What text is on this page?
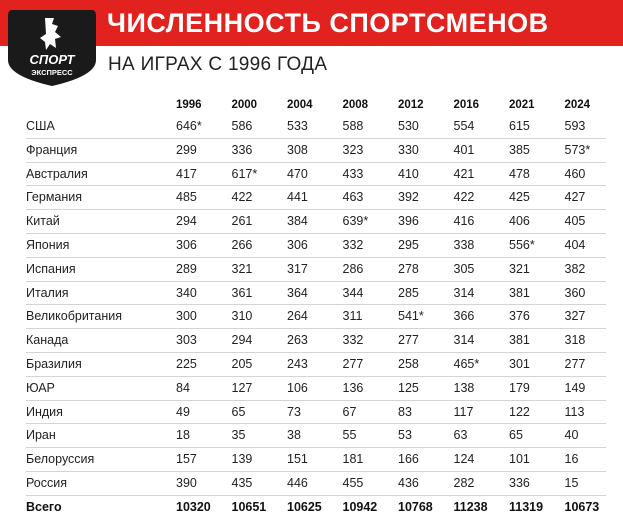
ЧИСЛЕННОСТЬ СПОРТСМЕНОВ
НА ИГРАХ С 1996 ГОДА
СПОРТ
ЭКСПРЕСС
1996	2000	2004	2008	2012	2016	2021	2024
США	646*	586	533	588	530	554	615	593
Франция	299	336	308	323	330	401	385	573*
Австралия	417	617*	470	433	410	421	478	460
Германия	485	422	441	463	392	422	425	427
Китай	294	261	384	639*	396	416	406	405
Япония	306	266	306	332	295	338	556*	404
Испания	289	321	317	286	278	305	321	382
Италия	340	361	364	344	285	314	381	360
Великобритания	300	310	264	311	541*	366	376	327
Канада	303	294	263	332	277	314	381	318
Бразилия	225	205	243	277	258	465*	301	277
ЮАР	84	127	106	136	125	138	179	149
Индия	49	65	73	67	83	117	122	113
Иран	18	35	38	55	53	63	65	40
Белоруссия	157	139	151	181	166	124	101	16
Россия	390	435	446	455	436	282	336	15
Всего	10320	10651	10625	10942	10768	11238	11319	10673
